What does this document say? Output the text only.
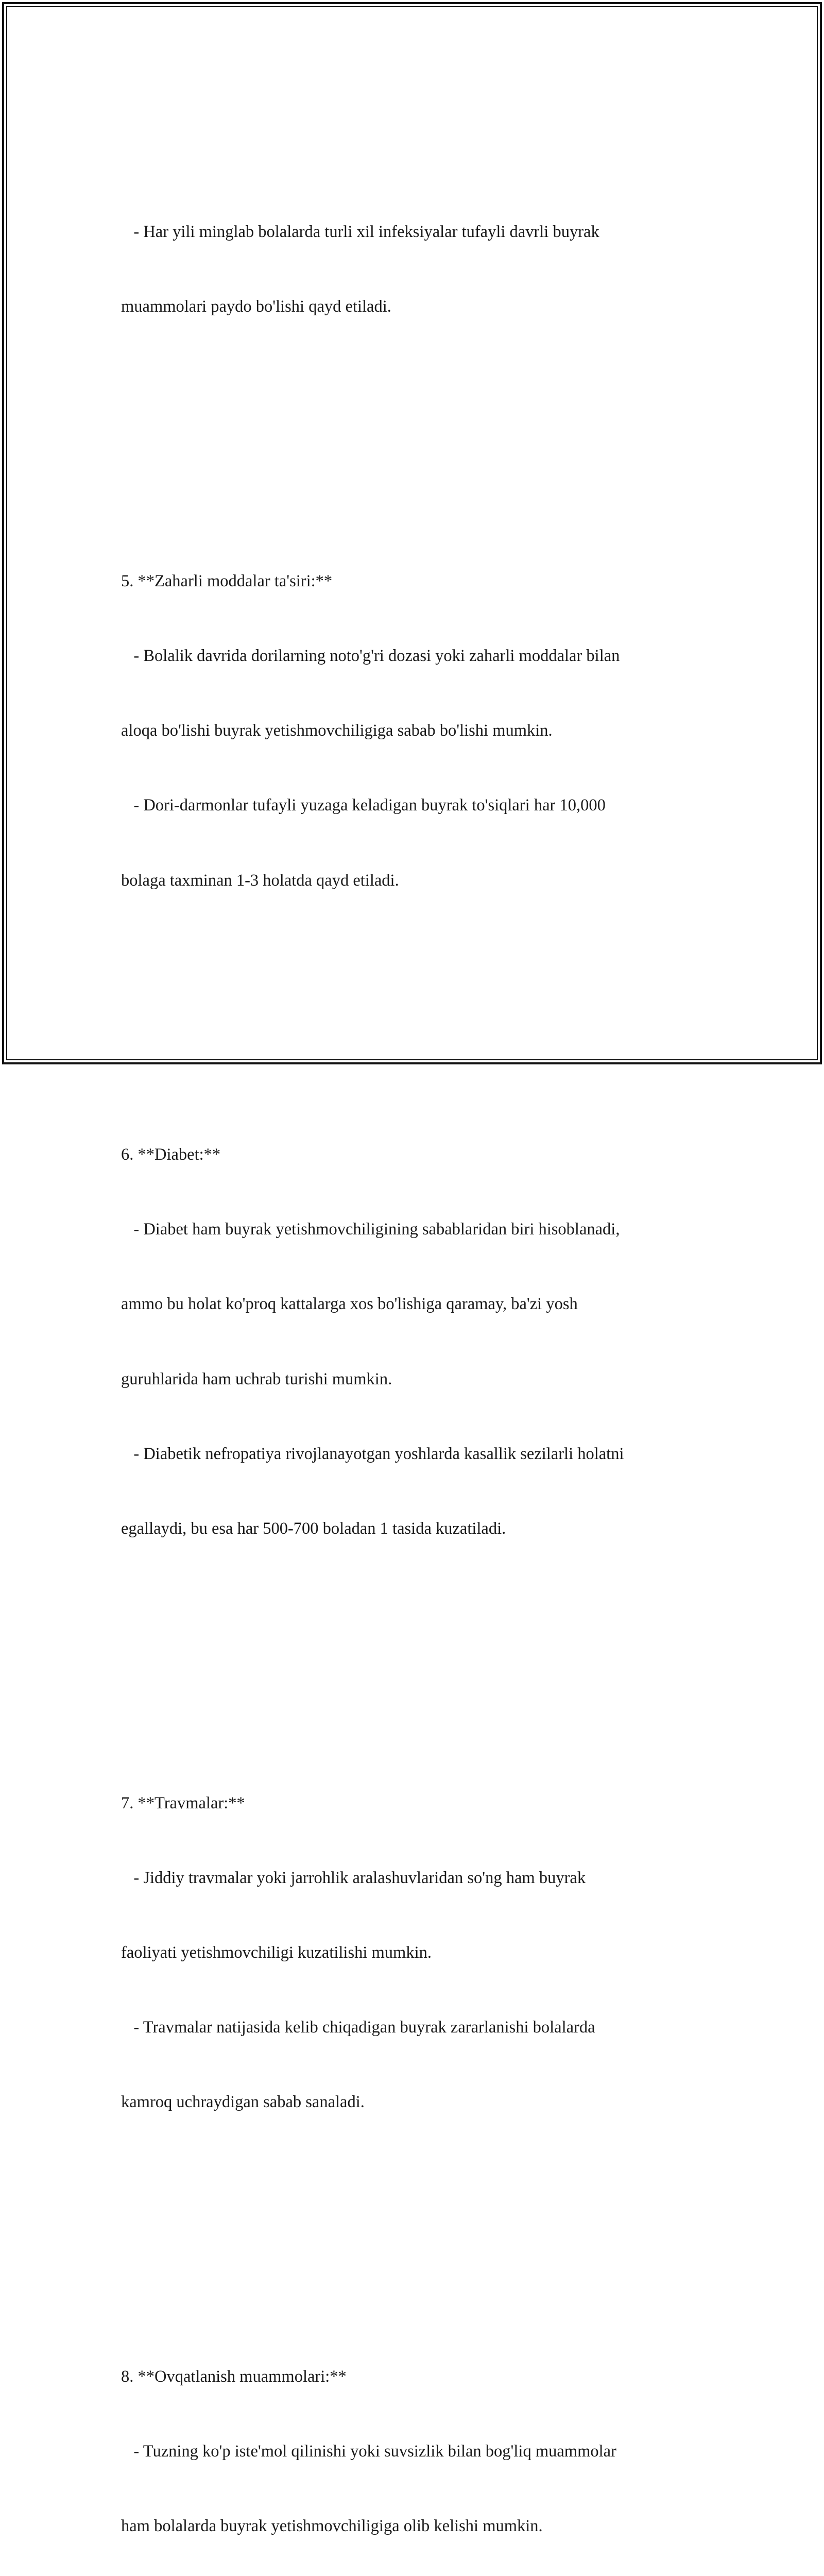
- Har yili minglab bolalarda turli xil infeksiyalar tufayli davrli buyrak

muammolari paydo bo'lishi qayd etiladi.

5. **Zaharli moddalar ta'siri:**

- Bolalik davrida dorilarning noto'g'ri dozasi yoki zaharli moddalar bilan

aloqa bo'lishi buyrak yetishmovchiligiga sabab bo'lishi mumkin.

- Dori-darmonlar tufayli yuzaga keladigan buyrak to'siqlari har 10,000

bolaga taxminan 1-3 holatda qayd etiladi.

6. **Diabet:**

- Diabet ham buyrak yetishmovchiligining sabablaridan biri hisoblanadi,

ammo bu holat ko'proq kattalarga xos bo'lishiga qaramay, ba'zi yosh

guruhlarida ham uchrab turishi mumkin.

- Diabetik nefropatiya rivojlanayotgan yoshlarda kasallik sezilarli holatni

egallaydi, bu esa har 500-700 boladan 1 tasida kuzatiladi.

7. **Travmalar:**

- Jiddiy travmalar yoki jarrohlik aralashuvlaridan so'ng ham buyrak

faoliyati yetishmovchiligi kuzatilishi mumkin.

- Travmalar natijasida kelib chiqadigan buyrak zararlanishi bolalarda

kamroq uchraydigan sabab sanaladi.

8. **Ovqatlanish muammolari:**

- Tuzning ko'p iste'mol qilinishi yoki suvsizlik bilan bog'liq muammolar

ham bolalarda buyrak yetishmovchiligiga olib kelishi mumkin.
